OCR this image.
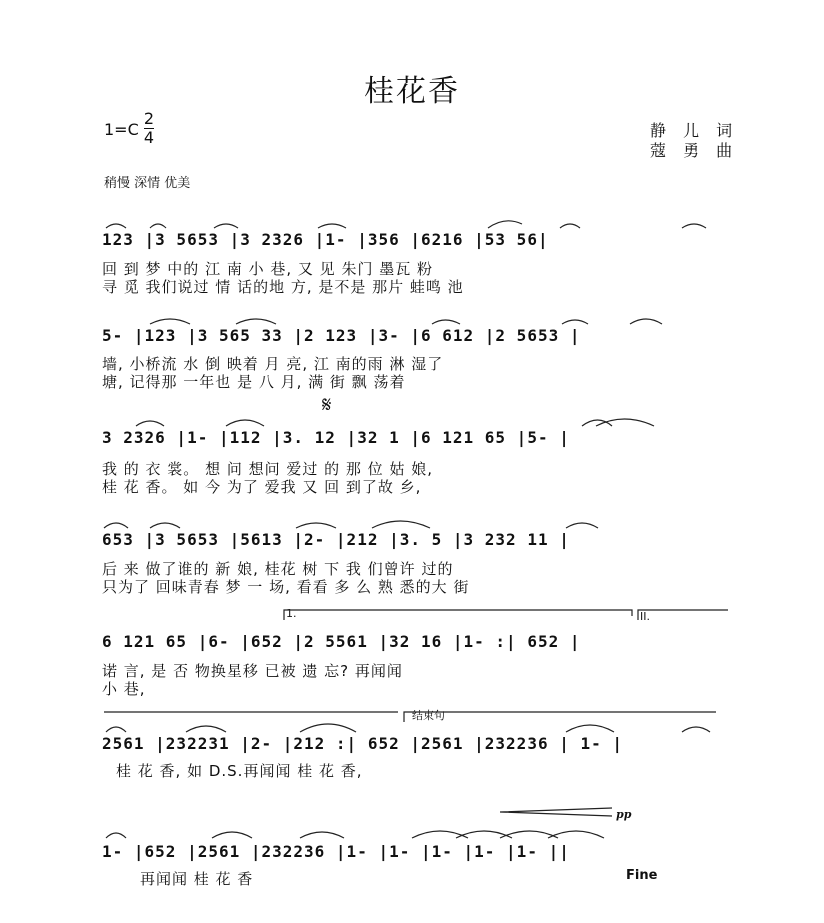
桂花香
1=C
2
4	静 儿 词
蔻 勇 曲
稍慢 深情 优美
123 |3 5653 |3 2326 |1- |356 |6216 |53 56|
回 到 梦 中的 江 南 小 巷, 又 见 朱门 墨瓦 粉
寻 觅 我们说过 情 话的地 方, 是不是 那片 蛙鸣 池
5- |123 |3 565 33 |2 123 |3- |6 612 |2 5653 |
墙, 小桥流 水 倒 映着 月 亮, 江 南的雨 淋 湿了
塘, 记得那 一年也 是 八 月, 满 街 飘 荡着
𝄋
3 2326 |1- |112 |3. 12 |32 1 |6 121 65 |5- |
我 的 衣 裳。 想 问 想问 爱过 的 那 位 姑 娘,
桂 花 香。 如 今 为了 爱我 又 回 到了故 乡,
653 |3 5653 |5613 |2- |212 |3. 5 |3 232 11 |
后 来 做了谁的 新 娘, 桂花 树 下 我 们曾许 过的
只为了 回味青春 梦 一 场, 看看 多 么 熟 悉的大 街
1.	II.
6 121 65 |6- |652 |2 5561 |32 16 |1- :| 652 |
诺 言, 是 否 物换星移 已被 遗 忘? 再闻闻
小 巷,
结束句
2561 |232231 |2- |212 :| 652 |2561 |232236 | 1- |
桂 花 香, 如 D.S.再闻闻 桂 花 香,
pp
1- |652 |2561 |232236 |1- |1- |1- |1- |1- ||
再闻闻 桂 花 香	Fine
